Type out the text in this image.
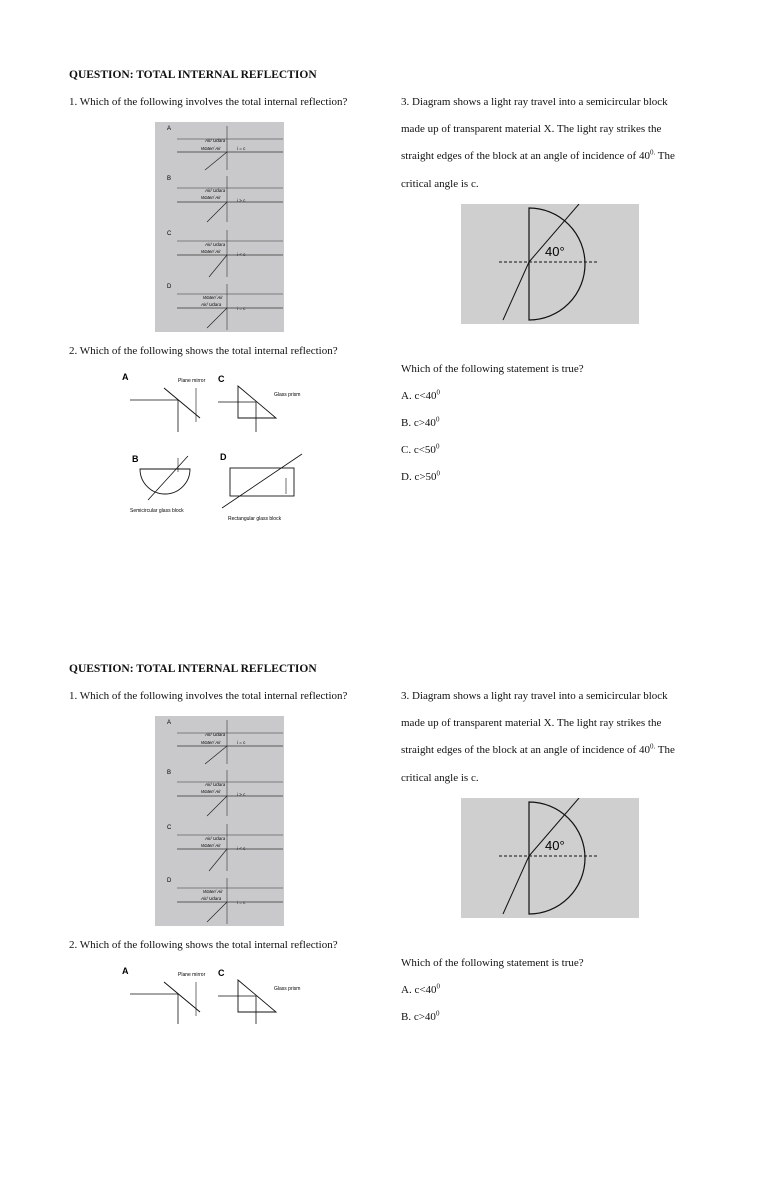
QUESTION: TOTAL INTERNAL REFLECTION
1. Which of the following involves the total internal reflection?
A
Air/ Udara
Water/ Air	i = c
B
Air/ Udara
Water/ Air
i > c
C
Air/ Udara
Water/ Air
i < c
D
Water/ Air
Air/ Udara
i = c
2. Which of the following shows the total internal reflection?
A	Plane mirror C
Glass prism
B
Semicircular glass block
D
Rectangular glass block
3. Diagram shows a light ray travel into a semicircular block
made up of transparent material X. The light ray strikes the
straight edges of the block at an angle of incidence of $40^{0.}$ The
critical angle is c.
40°
Which of the following statement is true?
A. $c<40^0$
B. $c>40^0$
C. $c<50^0$
D. $c>50^0$
QUESTION: TOTAL INTERNAL REFLECTION
1. Which of the following involves the total internal reflection?
A
Air/ Udara
Water/ Air	i = c
B
Air/ Udara
Water/ Air
i > c
C
Air/ Udara
Water/ Air
i < c
D
Water/ Air
Air/ Udara
i = c
2. Which of the following shows the total internal reflection?
A	Plane mirror C
Glass prism
3. Diagram shows a light ray travel into a semicircular block
made up of transparent material X. The light ray strikes the
straight edges of the block at an angle of incidence of $40^{0.}$ The
critical angle is c.
40°
Which of the following statement is true?
A. $c<40^0$
B. $c>40^0$
